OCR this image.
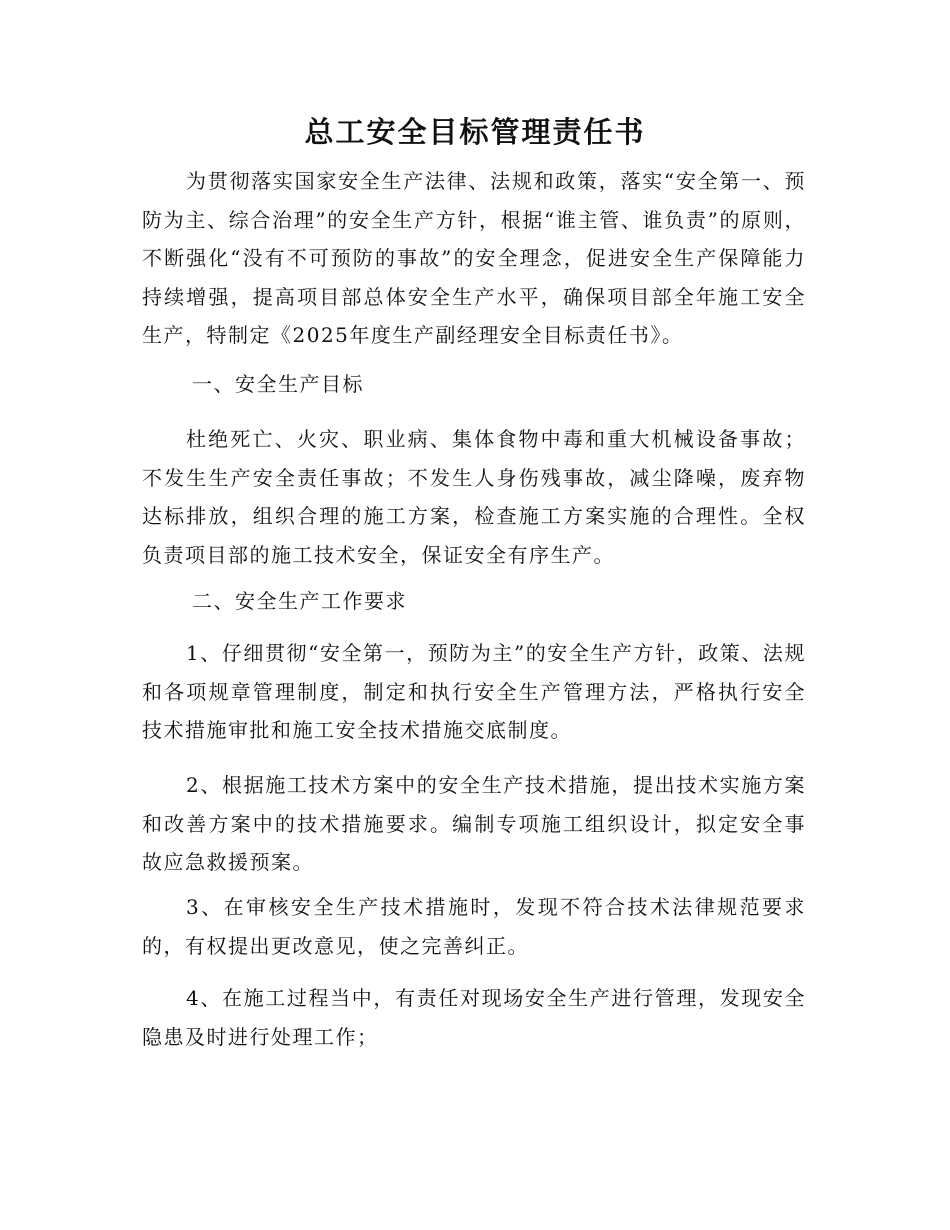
总工安全目标管理责任书

为贯彻落实国家安全生产法律、法规和政策，落实“安全第一、预防为主、综合治理”的安全生产方针，根据“谁主管、谁负责”的原则，不断强化“没有不可预防的事故”的安全理念，促进安全生产保障能力持续增强，提高项目部总体安全生产水平，确保项目部全年施工安全生产，特制定《2025年度生产副经理安全目标责任书》。

一、安全生产目标

杜绝死亡、火灾、职业病、集体食物中毒和重大机械设备事故；不发生生产安全责任事故；不发生人身伤残事故，减尘降噪，废弃物达标排放，组织合理的施工方案，检查施工方案实施的合理性。全权负责项目部的施工技术安全，保证安全有序生产。

二、安全生产工作要求

1、仔细贯彻“安全第一，预防为主”的安全生产方针，政策、法规和各项规章管理制度，制定和执行安全生产管理方法，严格执行安全技术措施审批和施工安全技术措施交底制度。

2、根据施工技术方案中的安全生产技术措施，提出技术实施方案和改善方案中的技术措施要求。编制专项施工组织设计，拟定安全事故应急救援预案。

3、在审核安全生产技术措施时，发现不符合技术法律规范要求的，有权提出更改意见，使之完善纠正。

4、在施工过程当中，有责任对现场安全生产进行管理，发现安全隐患及时进行处理工作；
